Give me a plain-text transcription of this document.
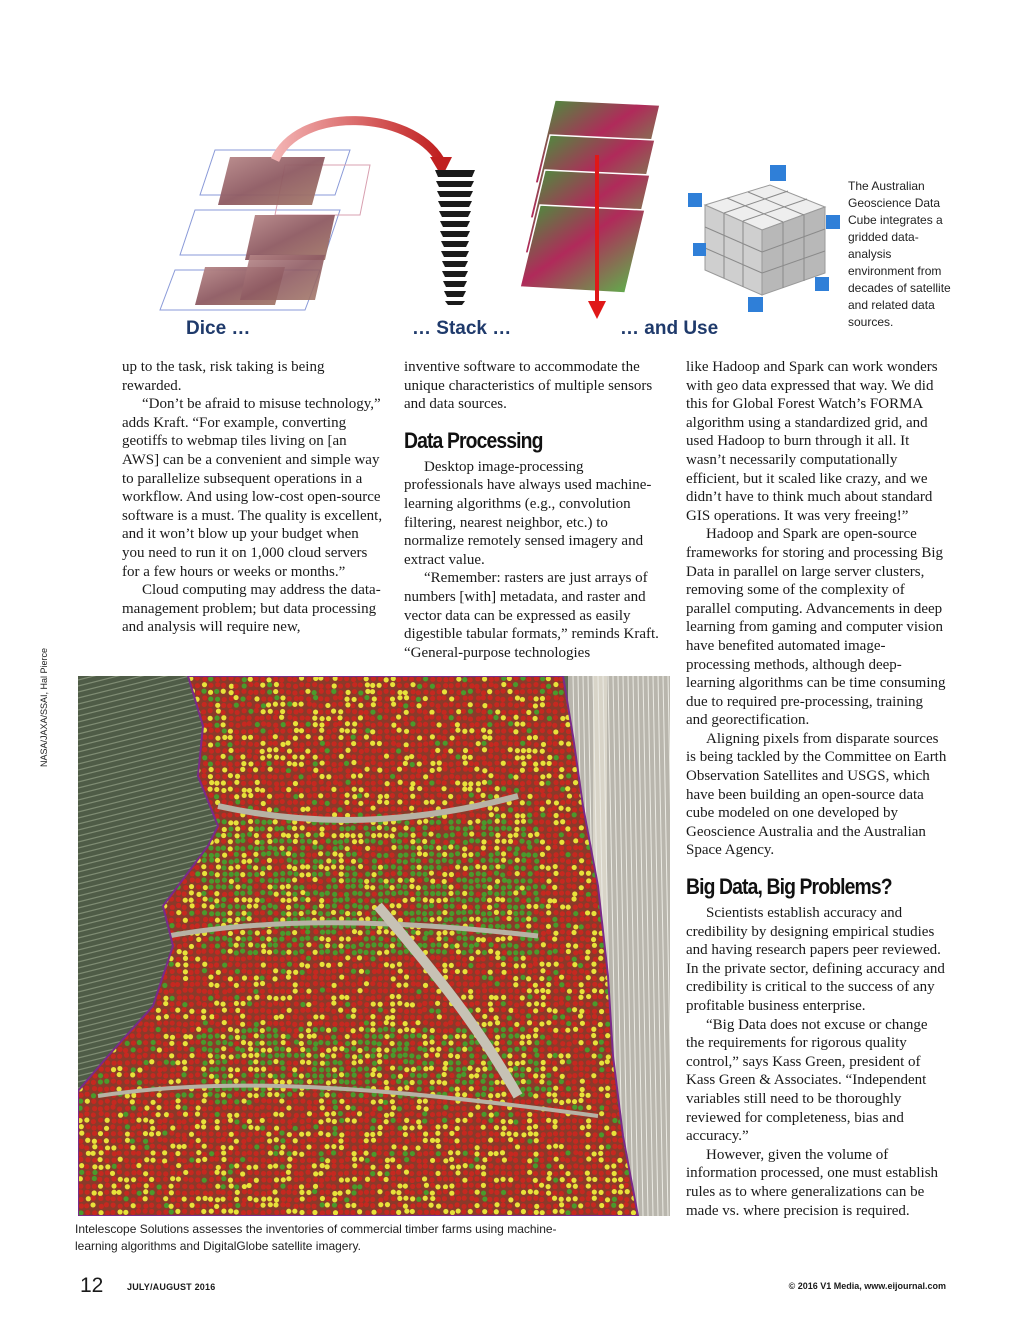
Dice …	… Stack …	… and Use
The Australian Geoscience Data Cube integrates a gridded data-analysis environment from decades of satellite and related data sources.

up to the task, risk taking is being rewarded.

“Don’t be afraid to misuse technology,” adds Kraft. “For example, converting geotiffs to webmap tiles living on [an AWS] can be a convenient and simple way to parallelize subsequent operations in a workflow. And using low-cost open-source software is a must. The quality is excellent, and it won’t blow up your budget when you need to run it on 1,000 cloud servers for a few hours or weeks or months.”

Cloud computing may address the data-management problem; but data processing and analysis will require new,

inventive software to accommodate the unique characteristics of multiple sensors and data sources.

Data Processing

Desktop image-processing professionals have always used machine-learning algorithms (e.g., convolution filtering, nearest neighbor, etc.) to normalize remotely sensed imagery and extract value.

“Remember: rasters are just arrays of numbers [with] metadata, and raster and vector data can be expressed as easily digestible tabular formats,” reminds Kraft. “General-purpose technologies

like Hadoop and Spark can work wonders with geo data expressed that way. We did this for Global Forest Watch’s FORMA algorithm using a standardized grid, and used Hadoop to burn through it all. It wasn’t necessarily computationally efficient, but it scaled like crazy, and we didn’t have to think much about standard GIS operations. It was very freeing!”

Hadoop and Spark are open-source frameworks for storing and processing Big Data in parallel on large server clusters, removing some of the complexity of parallel computing. Advancements in deep learning from gaming and computer vision have benefited automated image-processing methods, although deep-learning algorithms can be time consuming due to required pre-processing, training and georectification.

Aligning pixels from disparate sources is being tackled by the Committee on Earth Observation Satellites and USGS, which have been building an open-source data cube modeled on one developed by Geoscience Australia and the Australian Space Agency.

Big Data, Big Problems?

Scientists establish accuracy and credibility by designing empirical studies and having research papers peer reviewed. In the private sector, defining accuracy and credibility is critical to the success of any profitable business enterprise.

“Big Data does not excuse or change the requirements for rigorous quality control,” says Kass Green, president of Kass Green & Associates. “Independent variables still need to be thoroughly reviewed for completeness, bias and accuracy.”

However, given the volume of information processed, one must establish rules as to where generalizations can be made vs. where precision is required.

NASA/JAXA/SSAI, Hal Pierce
Intelescope Solutions assesses the inventories of commercial timber farms using machine-learning algorithms and DigitalGlobe satellite imagery.
12	JULY/AUGUST 2016	© 2016 V1 Media, www.eijournal.com
